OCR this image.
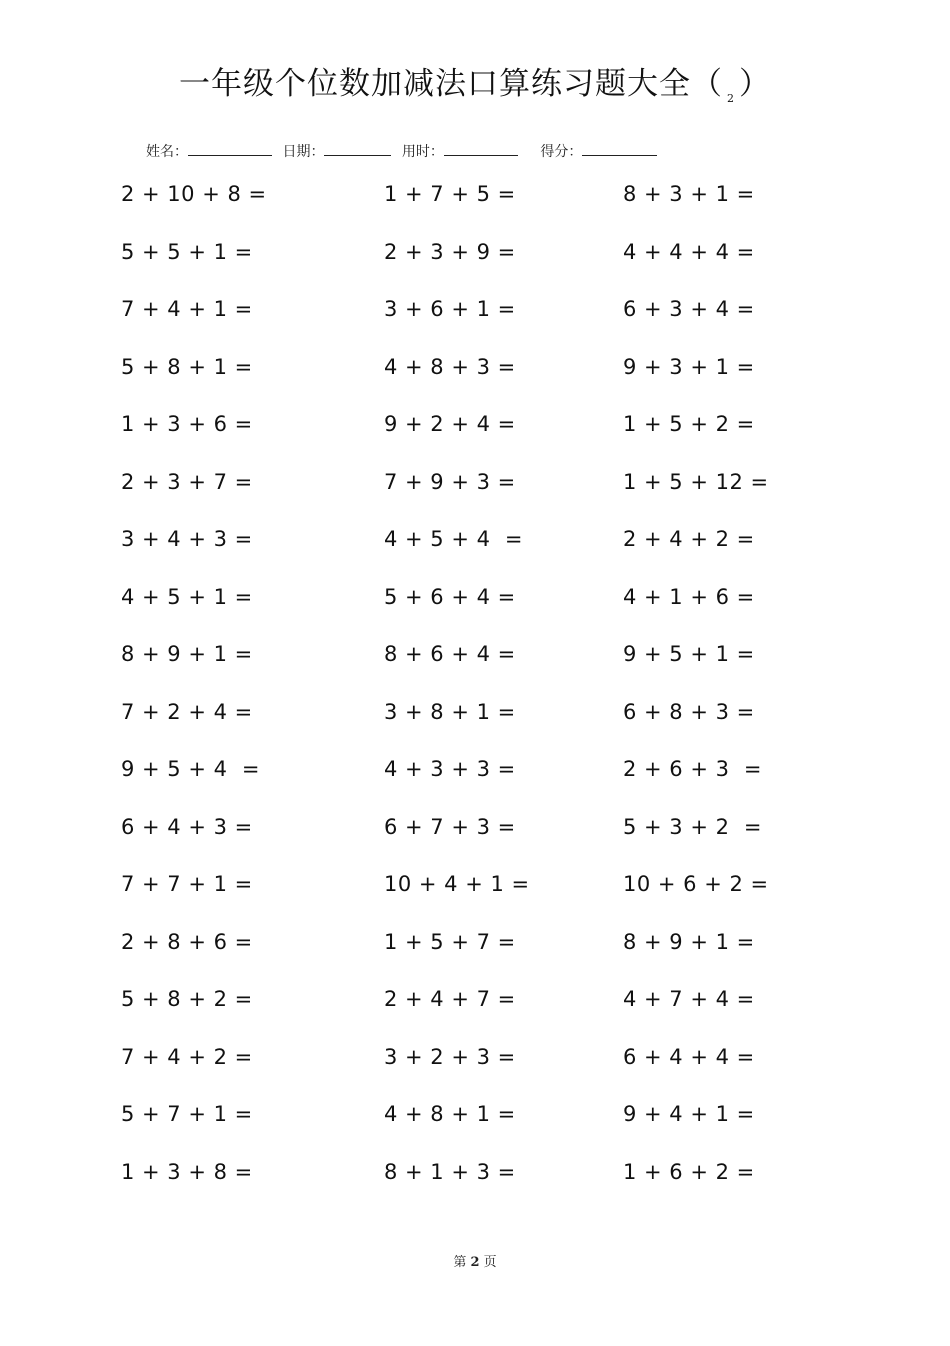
一年级个位数加减法口算练习题大全（ $_2$ ）
姓名：	日期：	用时：	得分：
2 + 10 + 8 =	1 + 7 + 5 =	8 + 3 + 1 =
5 + 5 + 1 =	2 + 3 + 9 =	4 + 4 + 4 =
7 + 4 + 1 =	3 + 6 + 1 =	6 + 3 + 4 =
5 + 8 + 1 =	4 + 8 + 3 =	9 + 3 + 1 =
1 + 3 + 6 =	9 + 2 + 4 =	1 + 5 + 2 =
2 + 3 + 7 =	7 + 9 + 3 =	1 + 5 + 12 =
3 + 4 + 3 =	4 + 5 + 4  =	2 + 4 + 2 =
4 + 5 + 1 =	5 + 6 + 4 =	4 + 1 + 6 =
8 + 9 + 1 =	8 + 6 + 4 =	9 + 5 + 1 =
7 + 2 + 4 =	3 + 8 + 1 =	6 + 8 + 3 =
9 + 5 + 4  =	4 + 3 + 3 =	2 + 6 + 3  =
6 + 4 + 3 =	6 + 7 + 3 =	5 + 3 + 2  =
7 + 7 + 1 =	10 + 4 + 1 =	10 + 6 + 2 =
2 + 8 + 6 =	1 + 5 + 7 =	8 + 9 + 1 =
5 + 8 + 2 =	2 + 4 + 7 =	4 + 7 + 4 =
7 + 4 + 2 =	3 + 2 + 3 =	6 + 4 + 4 =
5 + 7 + 1 =	4 + 8 + 1 =	9 + 4 + 1 =
1 + 3 + 8 =	8 + 1 + 3 =	1 + 6 + 2 =
第 2 页
